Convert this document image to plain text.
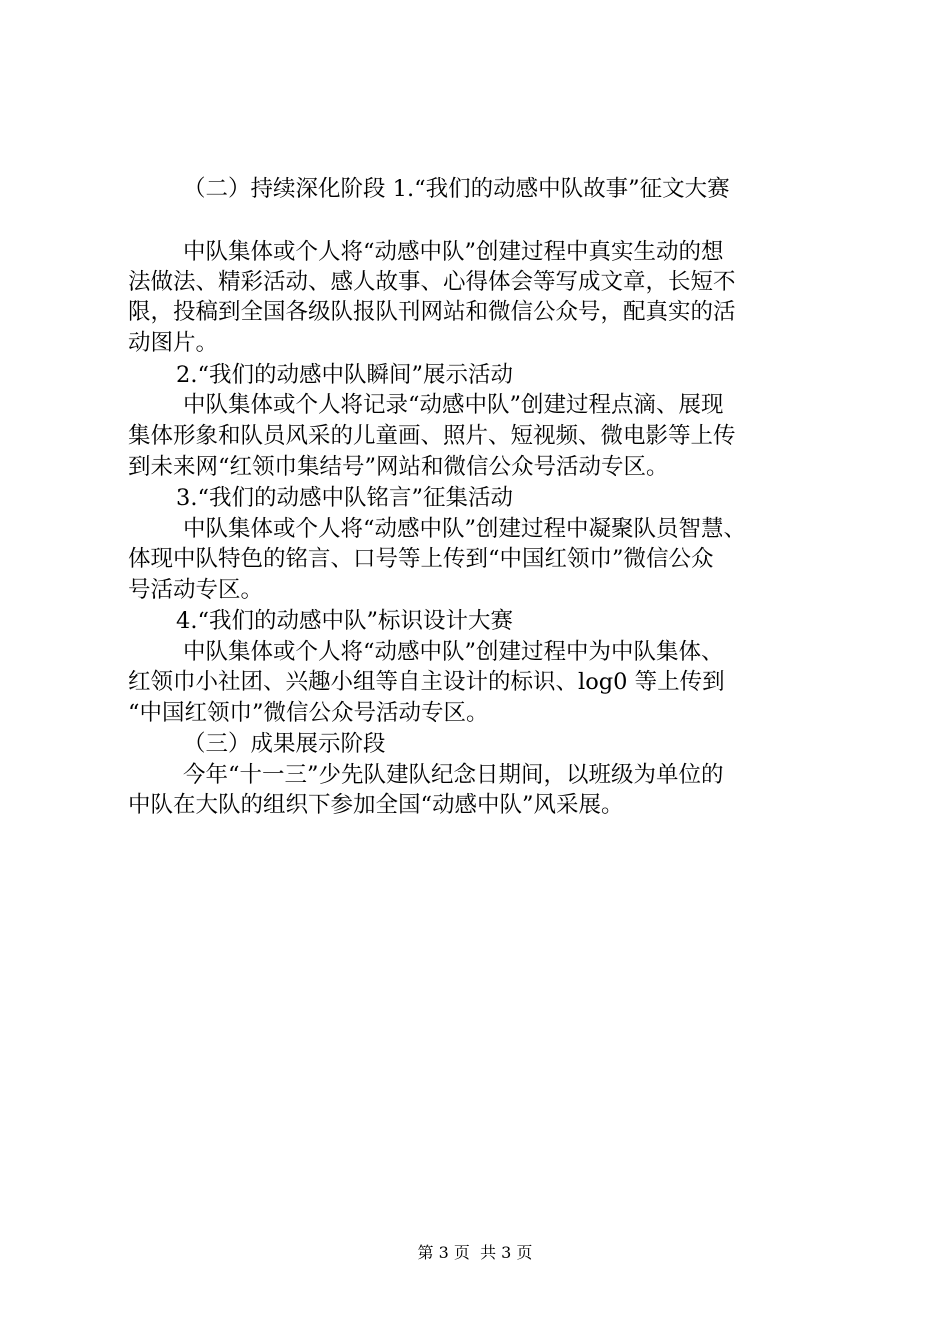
（二）持续深化阶段 1.“我们的动感中队故事”征文大赛

中队集体或个人将“动感中队”创建过程中真实生动的想

法做法、精彩活动、感人故事、心得体会等写成文章，长短不

限，投稿到全国各级队报队刊网站和微信公众号，配真实的活

动图片。

2.“我们的动感中队瞬间”展示活动

中队集体或个人将记录“动感中队”创建过程点滴、展现

集体形象和队员风采的儿童画、照片、短视频、微电影等上传

到未来网“红领巾集结号”网站和微信公众号活动专区。

3.“我们的动感中队铭言”征集活动

中队集体或个人将“动感中队”创建过程中凝聚队员智慧、

体现中队特色的铭言、口号等上传到“中国红领巾”微信公众

号活动专区。

4.“我们的动感中队”标识设计大赛

中队集体或个人将“动感中队”创建过程中为中队集体、

红领巾小社团、兴趣小组等自主设计的标识、log0 等上传到

“中国红领巾”微信公众号活动专区。

（三）成果展示阶段

今年“十一三”少先队建队纪念日期间，以班级为单位的

中队在大队的组织下参加全国“动感中队”风采展。

第 3 页  共 3 页
